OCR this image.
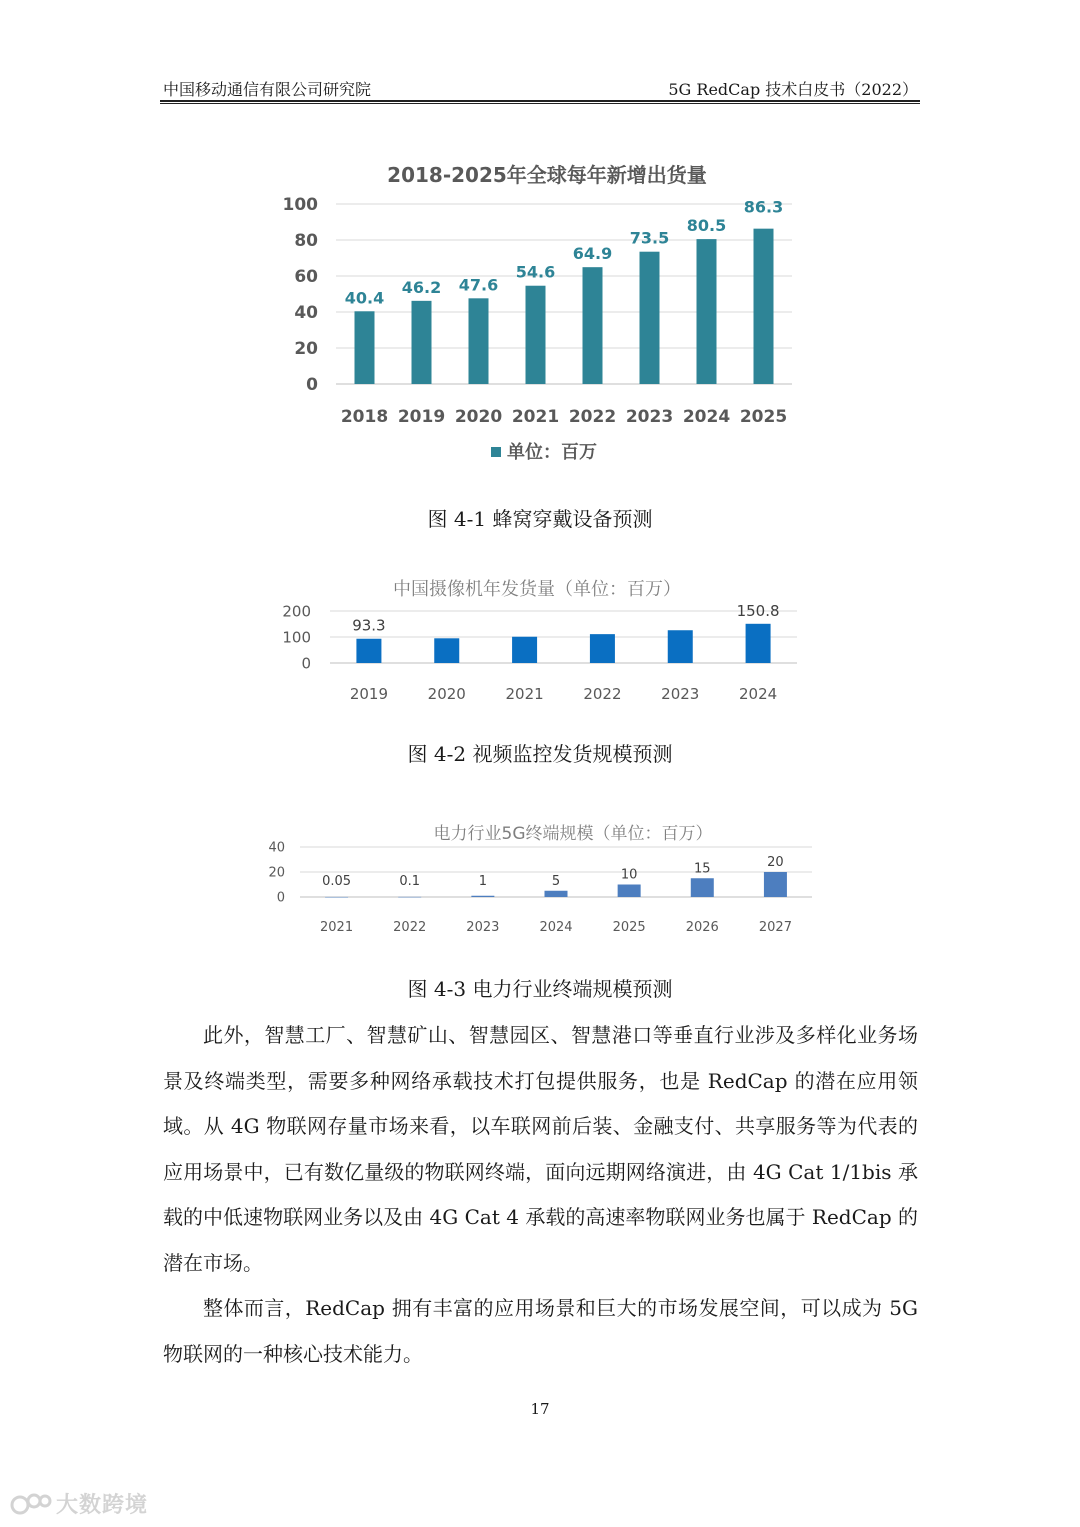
中国移动通信有限公司研究院	5G RedCap 技术白皮书（2022）
2018-2025年全球每年新增出货量
0
20
40
60
80
100
2018
40.4
2019
46.2
2020
47.6
2021
54.6
2022
64.9
2023
73.5
2024
80.5
2025
86.3
单位：百万
图 4-1 蜂窝穿戴设备预测
中国摄像机年发货量（单位：百万）
0
100
200
2019
93.3
2020	2021	2022	2023	2024
150.8
图 4-2 视频监控发货规模预测
电力行业5G终端规模（单位：百万）
0
20
40
2021
0.05
2022
0.1
2023
1
2024
5
2025
10
2026
15
2027
20
图 4-3 电力行业终端规模预测

此外，智慧工厂、智慧矿山、智慧园区、智慧港口等垂直行业涉及多样化业务场景及终端类型，需要多种网络承载技术打包提供服务，也是 RedCap 的潜在应用领域。从 4G 物联网存量市场来看，以车联网前后装、金融支付、共享服务等为代表的应用场景中，已有数亿量级的物联网终端，面向远期网络演进，由 4G Cat 1/1bis 承载的中低速物联网业务以及由 4G Cat 4 承载的高速率物联网业务也属于 RedCap 的潜在市场。

整体而言，RedCap 拥有丰富的应用场景和巨大的市场发展空间，可以成为 5G 物联网的一种核心技术能力。

17
大数跨境
